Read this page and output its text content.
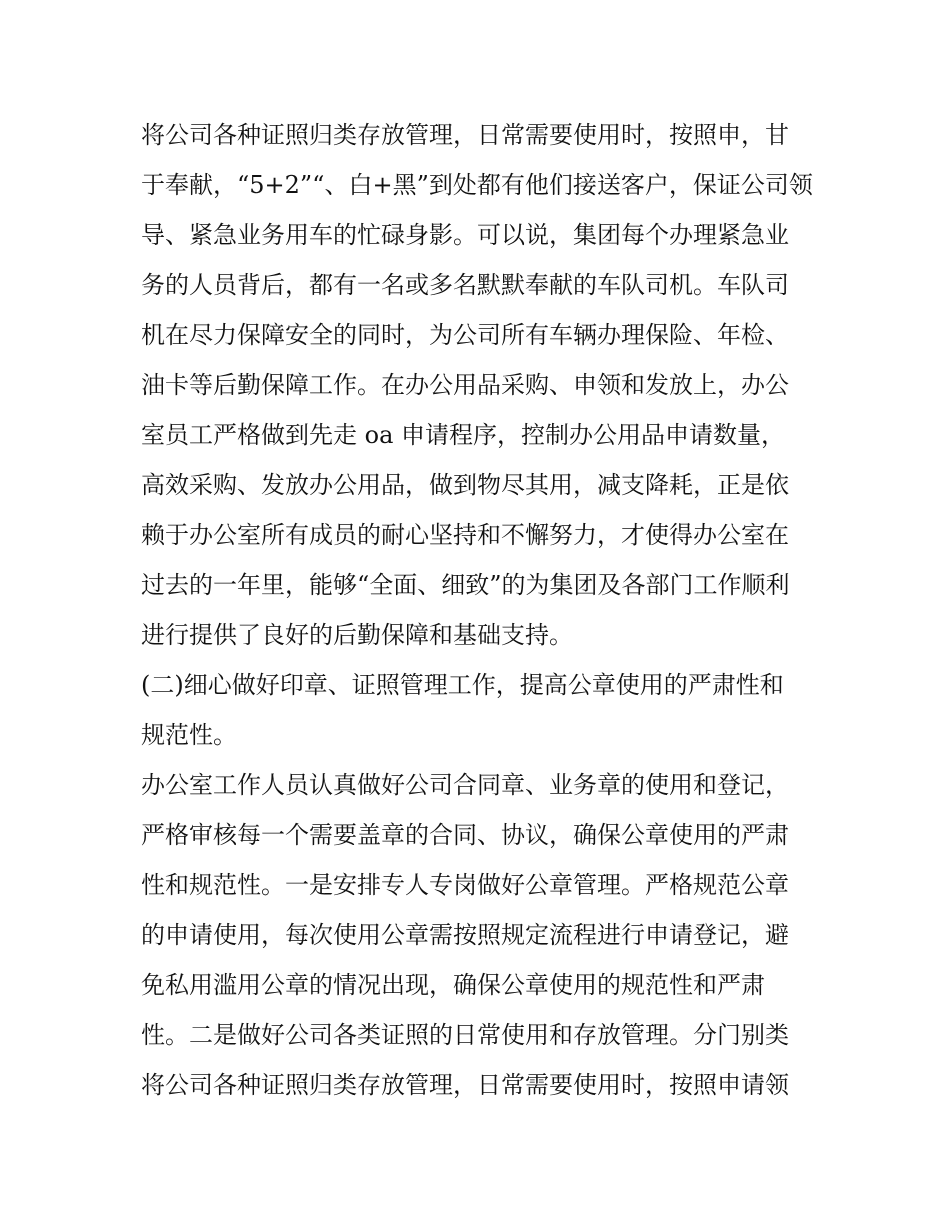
将公司各种证照归类存放管理，日常需要使用时，按照申，甘
于奉献，“5+2”“、白+黑”到处都有他们接送客户，保证公司领
导、紧急业务用车的忙碌身影。可以说，集团每个办理紧急业
务的人员背后，都有一名或多名默默奉献的车队司机。车队司
机在尽力保障安全的同时，为公司所有车辆办理保险、年检、
油卡等后勤保障工作。在办公用品采购、申领和发放上，办公
室员工严格做到先走 oa 申请程序，控制办公用品申请数量，
高效采购、发放办公用品，做到物尽其用，减支降耗，正是依
赖于办公室所有成员的耐心坚持和不懈努力，才使得办公室在
过去的一年里，能够“全面、细致”的为集团及各部门工作顺利
进行提供了良好的后勤保障和基础支持。
(二)细心做好印章、证照管理工作，提高公章使用的严肃性和
规范性。
办公室工作人员认真做好公司合同章、业务章的使用和登记，
严格审核每一个需要盖章的合同、协议，确保公章使用的严肃
性和规范性。一是安排专人专岗做好公章管理。严格规范公章
的申请使用，每次使用公章需按照规定流程进行申请登记，避
免私用滥用公章的情况出现，确保公章使用的规范性和严肃
性。二是做好公司各类证照的日常使用和存放管理。分门别类
将公司各种证照归类存放管理，日常需要使用时，按照申请领
